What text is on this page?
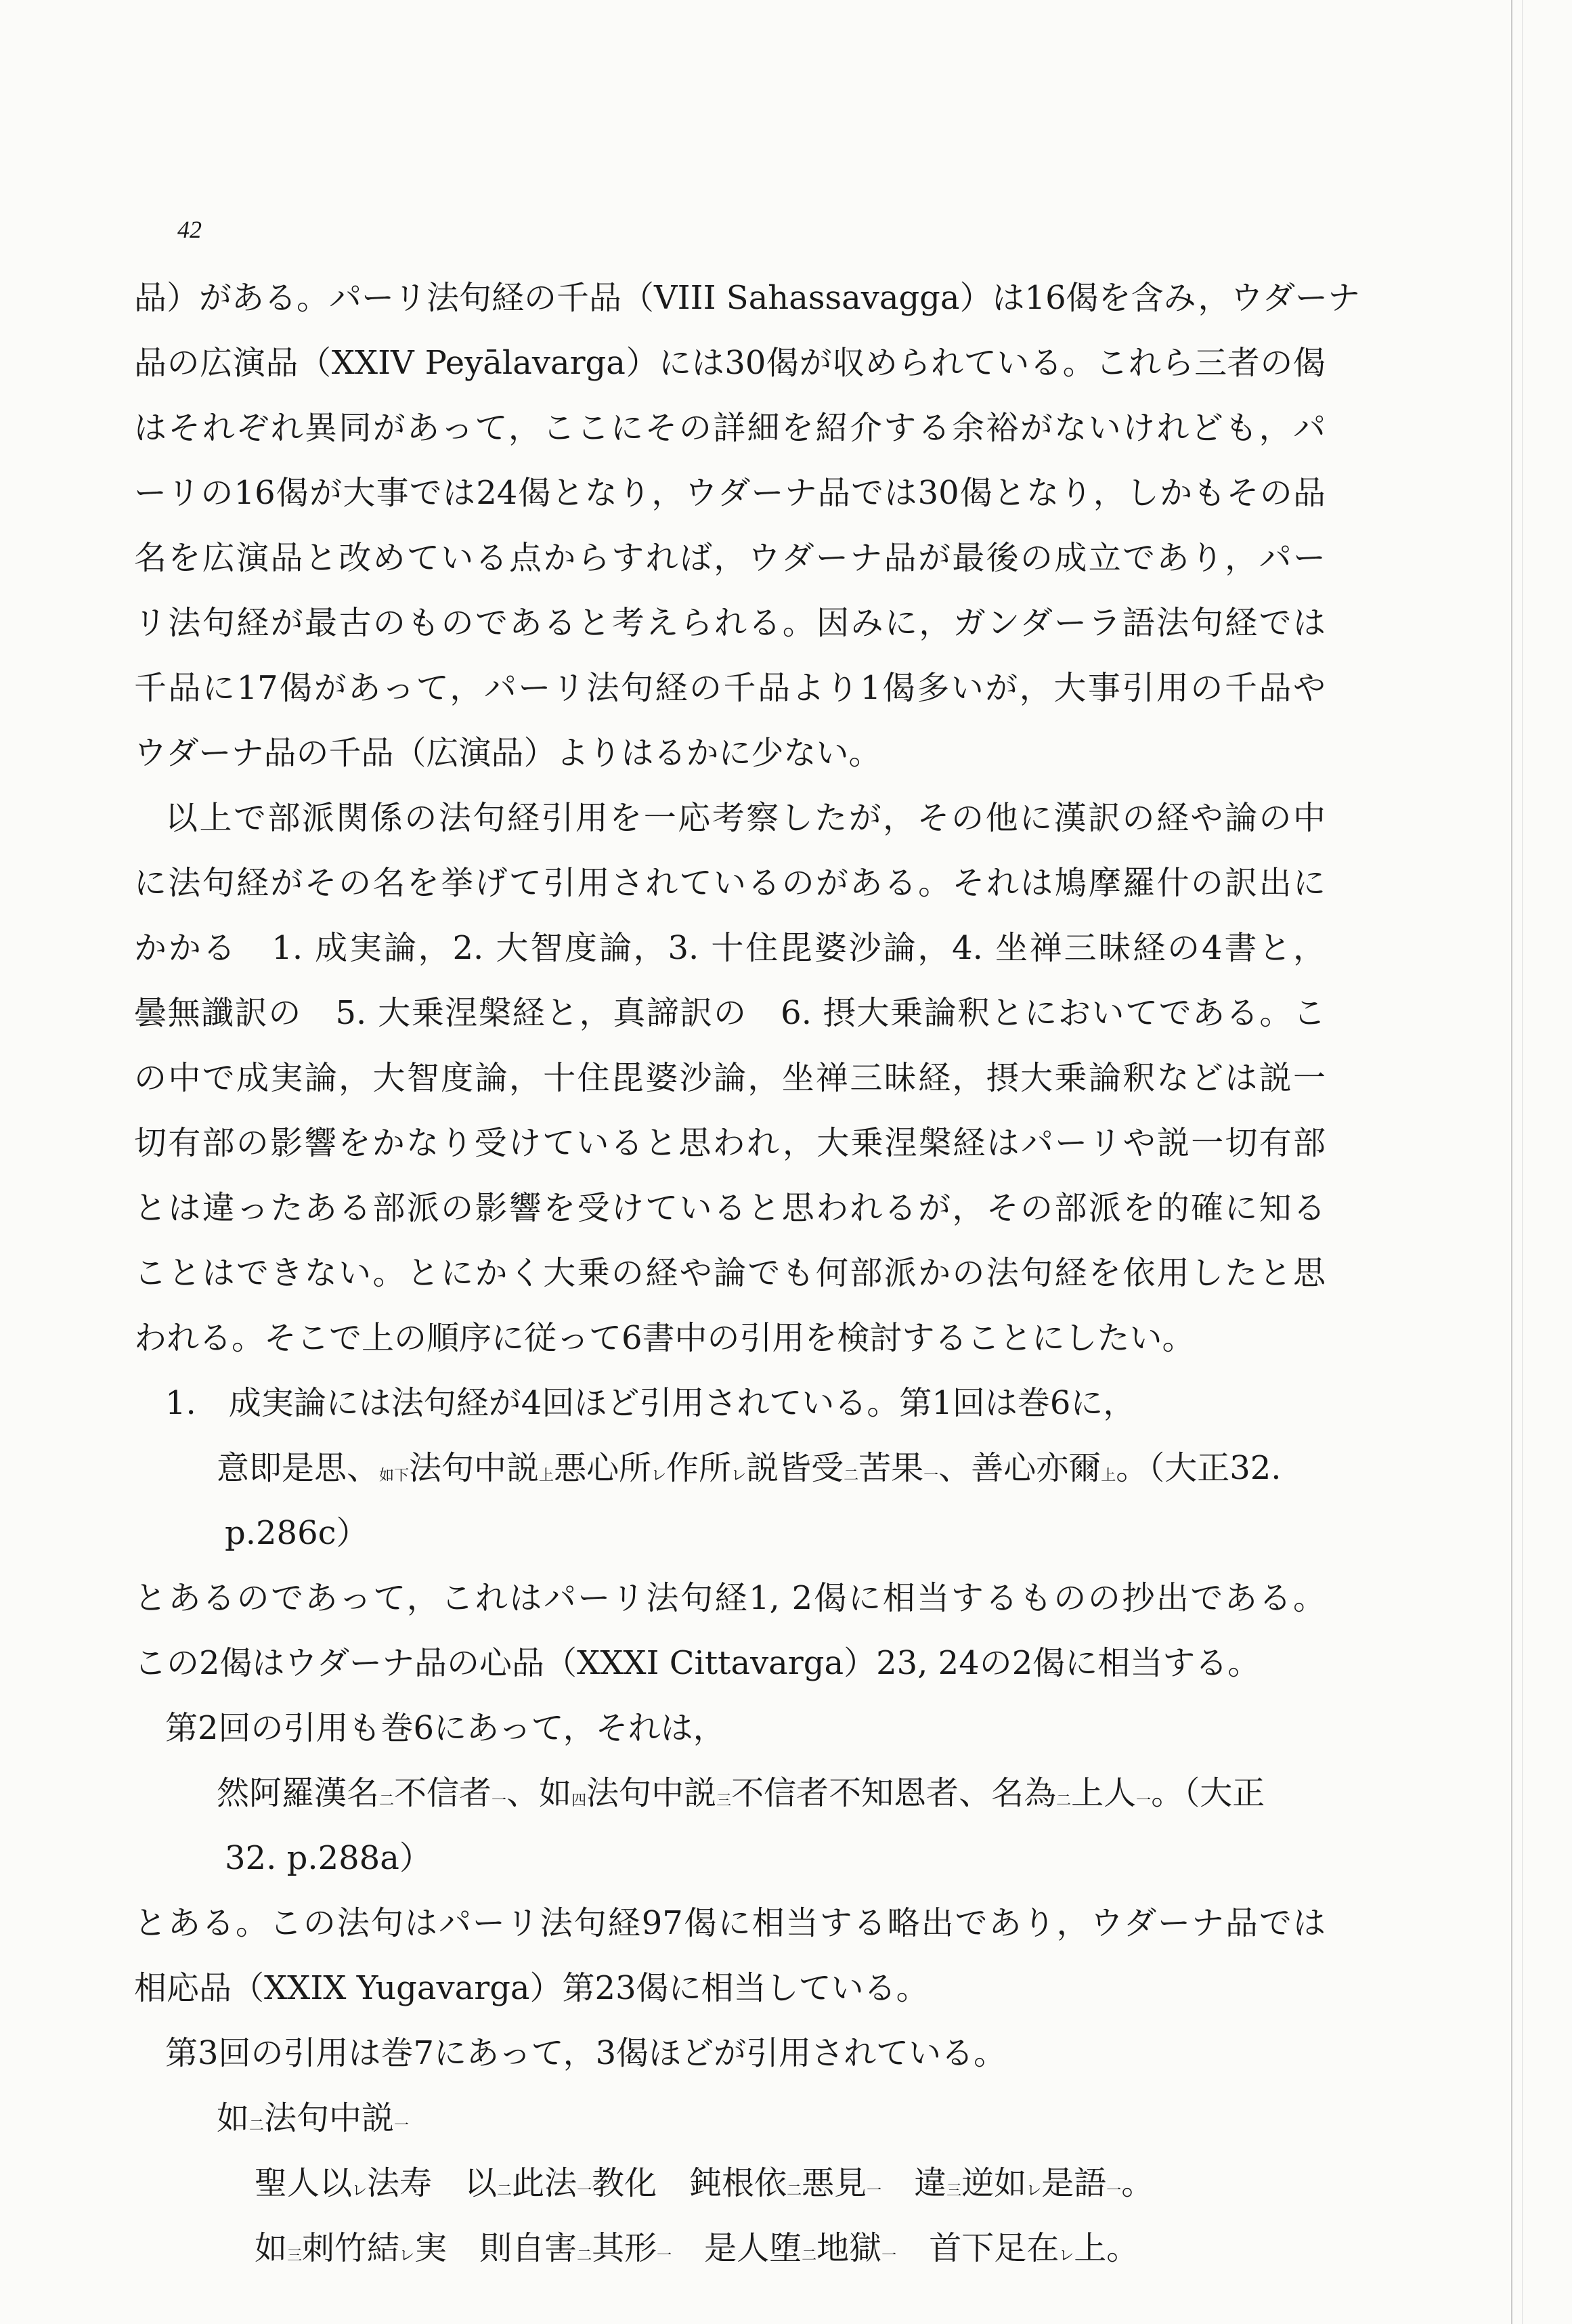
42
品）がある。パーリ法句経の千品（VIII Sahassavagga）は16偈を含み，ウダーナ
品の広演品（XXIV Peyālavarga）には30偈が収められている。これら三者の偈
はそれぞれ異同があって，ここにその詳細を紹介する余裕がないけれども，パ
ーリの16偈が大事では24偈となり，ウダーナ品では30偈となり，しかもその品
名を広演品と改めている点からすれば，ウダーナ品が最後の成立であり，パー
リ法句経が最古のものであると考えられる。因みに，ガンダーラ語法句経では
千品に17偈があって，パーリ法句経の千品より1偈多いが，大事引用の千品や
ウダーナ品の千品（広演品）よりはるかに少ない。
以上で部派関係の法句経引用を一応考察したが，その他に漢訳の経や論の中
に法句経がその名を挙げて引用されているのがある。それは鳩摩羅什の訳出に
かかる　1. 成実論，2. 大智度論，3. 十住毘婆沙論，4. 坐禅三昧経の4書と，
曇無讖訳の　5. 大乗涅槃経と，真諦訳の　6. 摂大乗論釈とにおいてである。こ
の中で成実論，大智度論，十住毘婆沙論，坐禅三昧経，摂大乗論釈などは説一
切有部の影響をかなり受けていると思われ，大乗涅槃経はパーリや説一切有部
とは違ったある部派の影響を受けていると思われるが，その部派を的確に知る
ことはできない。とにかく大乗の経や論でも何部派かの法句経を依用したと思
われる。そこで上の順序に従って6書中の引用を検討することにしたい。
1.　成実論には法句経が4回ほど引用されている。第1回は巻6に，
意即是思、$_{如下}$法句中説$_上$悪心所$_レ$作所$_レ$説皆受$_二$苦果$_一$、善心亦爾$_上$。（大正32.
p.286c）
とあるのであって，これはパーリ法句経1, 2偈に相当するものの抄出である。
この2偈はウダーナ品の心品（XXXI Cittavarga）23, 24の2偈に相当する。
第2回の引用も巻6にあって，それは，
然阿羅漢名$_二$不信者$_一$、如$_四$法句中説$_三$不信者不知恩者、名為$_二$上人$_一$。（大正
32. p.288a）
とある。この法句はパーリ法句経97偈に相当する略出であり，ウダーナ品では
相応品（XXIX Yugavarga）第23偈に相当している。
第3回の引用は巻7にあって，3偈ほどが引用されている。
如$_二$法句中説$_一$
聖人以$_レ$法寿　以$_二$此法$_一$教化　鈍根依$_二$悪見$_一$　違$_三$逆如$_レ$是語$_一$。
如$_三$刺竹結$_レ$実　則自害$_二$其形$_一$　是人堕$_二$地獄$_一$　首下足在$_レ$上。
